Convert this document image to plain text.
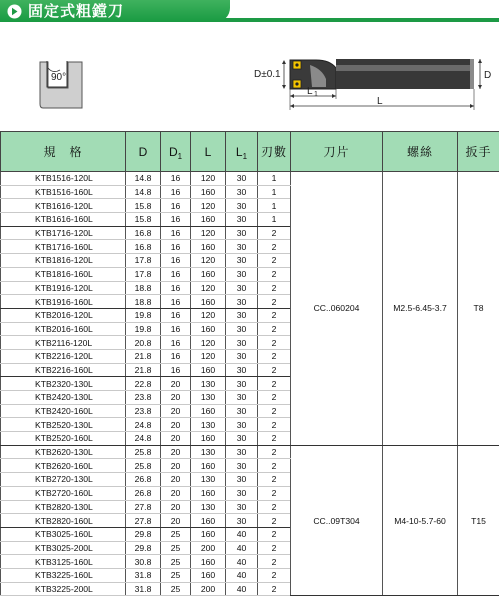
固定式粗鏜刀
90°	D±0.1	D
L 1
L
規　格	D	$D_1$	L	$L_1$	刃數	刀片	螺絲	扳手
KTB1516-120L	14.8	16	120	30	1	CC..060204	M2.5-6.45-3.7	T8
KTB1516-160L	14.8	16	160	30	1			
KTB1616-120L	15.8	16	120	30	1			
KTB1616-160L	15.8	16	160	30	1			
KTB1716-120L	16.8	16	120	30	2			
KTB1716-160L	16.8	16	160	30	2			
KTB1816-120L	17.8	16	120	30	2			
KTB1816-160L	17.8	16	160	30	2			
KTB1916-120L	18.8	16	120	30	2			
KTB1916-160L	18.8	16	160	30	2			
KTB2016-120L	19.8	16	120	30	2			
KTB2016-160L	19.8	16	160	30	2			
KTB2116-120L	20.8	16	120	30	2			
KTB2216-120L	21.8	16	120	30	2			
KTB2216-160L	21.8	16	160	30	2			
KTB2320-130L	22.8	20	130	30	2			
KTB2420-130L	23.8	20	130	30	2			
KTB2420-160L	23.8	20	160	30	2			
KTB2520-130L	24.8	20	130	30	2			
KTB2520-160L	24.8	20	160	30	2			
KTB2620-130L	25.8	20	130	30	2	CC..09T304	M4-10-5.7-60	T15
KTB2620-160L	25.8	20	160	30	2			
KTB2720-130L	26.8	20	130	30	2			
KTB2720-160L	26.8	20	160	30	2			
KTB2820-130L	27.8	20	130	30	2			
KTB2820-160L	27.8	20	160	30	2			
KTB3025-160L	29.8	25	160	40	2			
KTB3025-200L	29.8	25	200	40	2			
KTB3125-160L	30.8	25	160	40	2			
KTB3225-160L	31.8	25	160	40	2			
KTB3225-200L	31.8	25	200	40	2			
